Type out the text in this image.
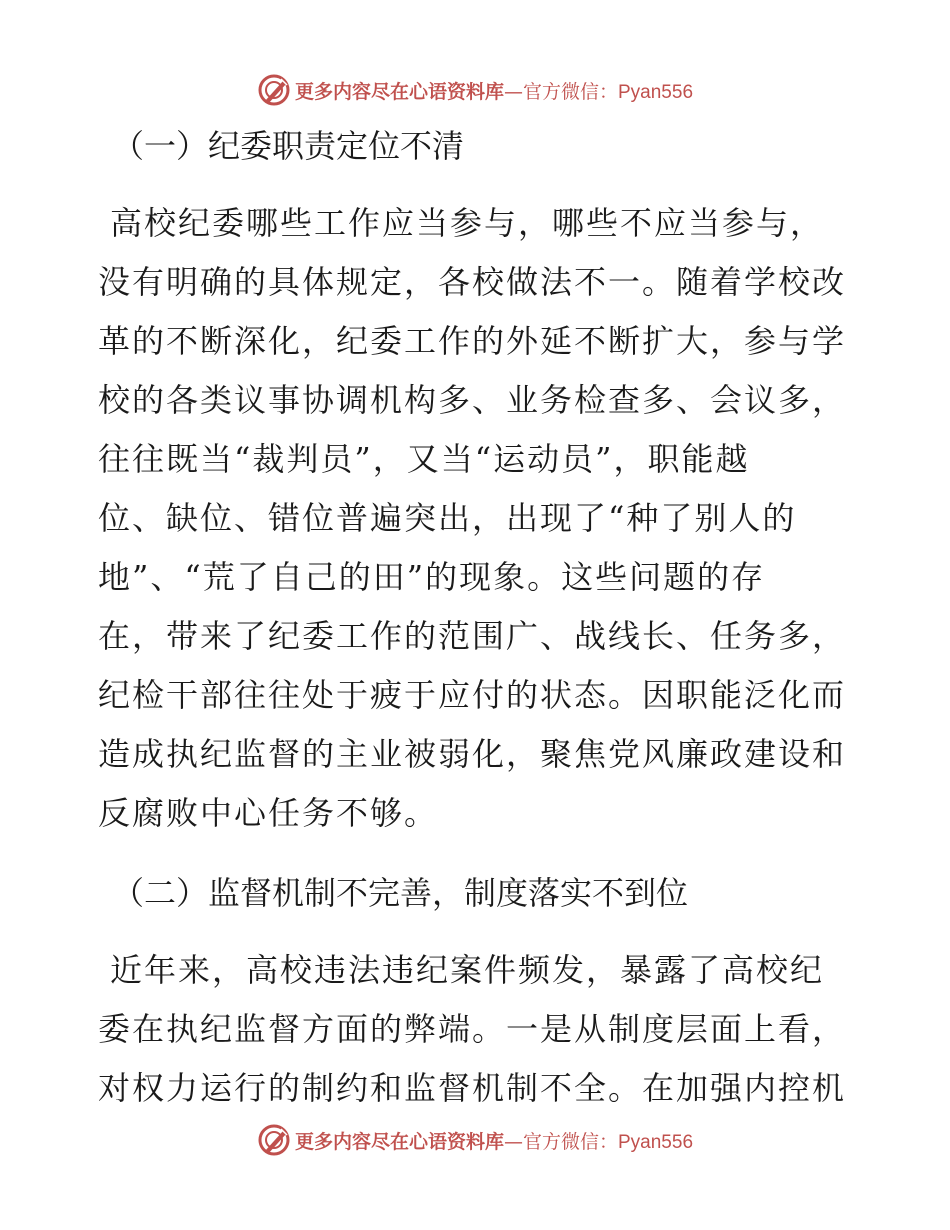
更多内容尽在心语资料库—官方微信：Pyan556

（一）纪委职责定位不清

高校纪委哪些工作应当参与，哪些不应当参与，
没有明确的具体规定，各校做法不一。随着学校改
革的不断深化，纪委工作的外延不断扩大，参与学
校的各类议事协调机构多、业务检查多、会议多，
往往既当“裁判员”，又当“运动员”，职能越
位、缺位、错位普遍突出，出现了“种了别人的
地”、“荒了自己的田”的现象。这些问题的存
在，带来了纪委工作的范围广、战线长、任务多，
纪检干部往往处于疲于应付的状态。因职能泛化而
造成执纪监督的主业被弱化，聚焦党风廉政建设和
反腐败中心任务不够。

（二）监督机制不完善，制度落实不到位

近年来，高校违法违纪案件频发，暴露了高校纪
委在执纪监督方面的弊端。一是从制度层面上看，
对权力运行的制约和监督机制不全。在加强内控机
更多内容尽在心语资料库—官方微信：Pyan556
